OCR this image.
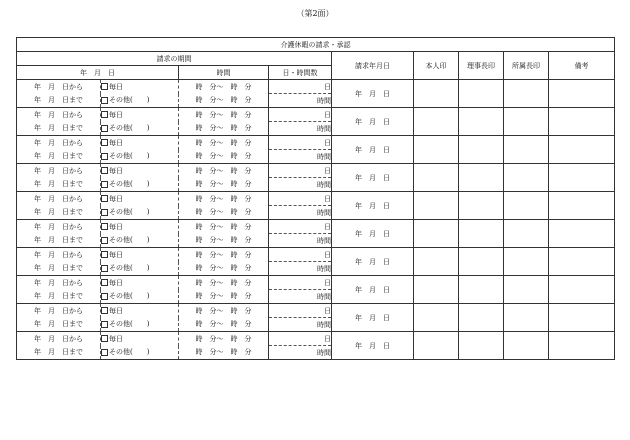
（第2面）
介護休暇の請求・承認								
請求の期間				請求年月日	本人印	理事長印	所属長印	備考
年　月　日		時間	日・時間数					
年　月　日から	毎日	時　分～　時　分	日	年　月　日				
年　月　日まで	その他(　　)	時　分～　時　分	時間					
年　月　日から	毎日	時　分～　時　分	日	年　月　日				
年　月　日まで	その他(　　)	時　分～　時　分	時間					
年　月　日から	毎日	時　分～　時　分	日	年　月　日				
年　月　日まで	その他(　　)	時　分～　時　分	時間					
年　月　日から	毎日	時　分～　時　分	日	年　月　日				
年　月　日まで	その他(　　)	時　分～　時　分	時間					
年　月　日から	毎日	時　分～　時　分	日	年　月　日				
年　月　日まで	その他(　　)	時　分～　時　分	時間					
年　月　日から	毎日	時　分～　時　分	日	年　月　日				
年　月　日まで	その他(　　)	時　分～　時　分	時間					
年　月　日から	毎日	時　分～　時　分	日	年　月　日				
年　月　日まで	その他(　　)	時　分～　時　分	時間					
年　月　日から	毎日	時　分～　時　分	日	年　月　日				
年　月　日まで	その他(　　)	時　分～　時　分	時間					
年　月　日から	毎日	時　分～　時　分	日	年　月　日				
年　月　日まで	その他(　　)	時　分～　時　分	時間					
年　月　日から	毎日	時　分～　時　分	日	年　月　日				
年　月　日まで	その他(　　)	時　分～　時　分	時間					
